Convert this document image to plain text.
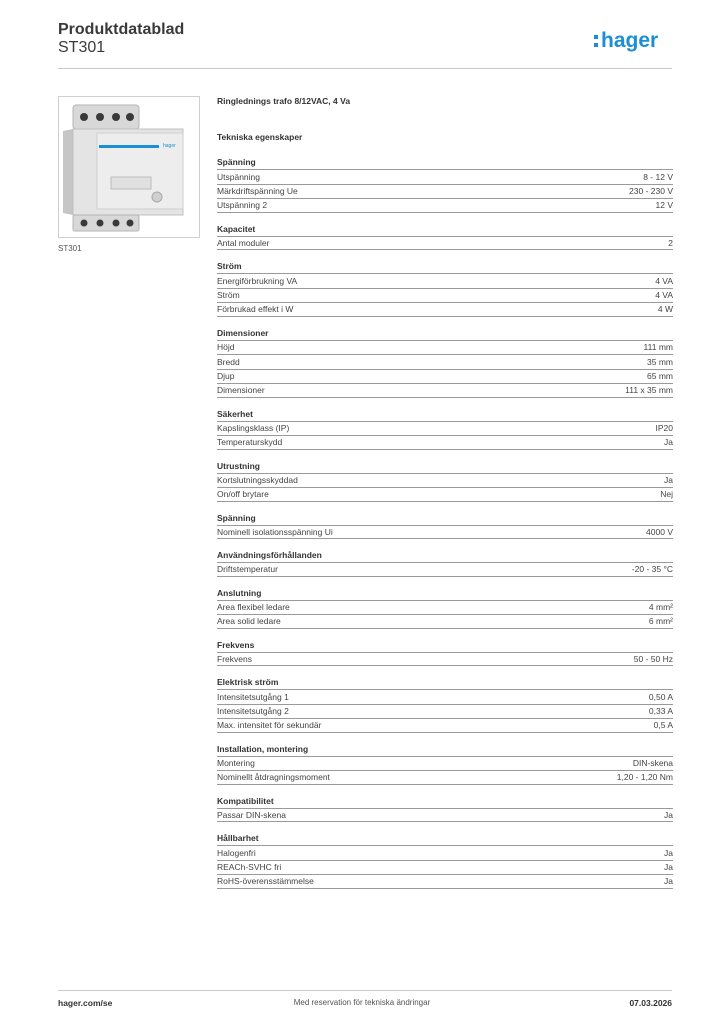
Produktdatablad
ST301	hager
hager
ST301
Ringlednings trafo 8/12VAC, 4 Va
Tekniska egenskaper
Spänning
Utspänning	8 - 12 V
Märkdriftspänning Ue	230 - 230 V
Utspänning 2	12 V
Kapacitet
Antal moduler	2
Ström
Energiförbrukning VA	4 VA
Ström	4 VA
Förbrukad effekt i W	4 W
Dimensioner
Höjd	111 mm
Bredd	35 mm
Djup	65 mm
Dimensioner	111 x 35 mm
Säkerhet
Kapslingsklass (IP)	IP20
Temperaturskydd	Ja
Utrustning
Kortslutningsskyddad	Ja
On/off brytare	Nej
Spänning
Nominell isolationsspänning Ui	4000 V
Användningsförhållanden
Driftstemperatur	-20 - 35 °C
Anslutning
Area flexibel ledare	4 mm²
Area solid ledare	6 mm²
Frekvens
Frekvens	50 - 50 Hz
Elektrisk ström
Intensitetsutgång 1	0,50 A
Intensitetsutgång 2	0,33 A
Max. intensitet för sekundär	0,5 A
Installation, montering
Montering	DIN-skena
Nominellt åtdragningsmoment	1,20 - 1,20 Nm
Kompatibilitet
Passar DIN-skena	Ja
Hållbarhet
Halogenfri	Ja
REACh-SVHC fri	Ja
RoHS-överensstämmelse	Ja
hager.com/se	Med reservation för tekniska ändringar	07.03.2026
